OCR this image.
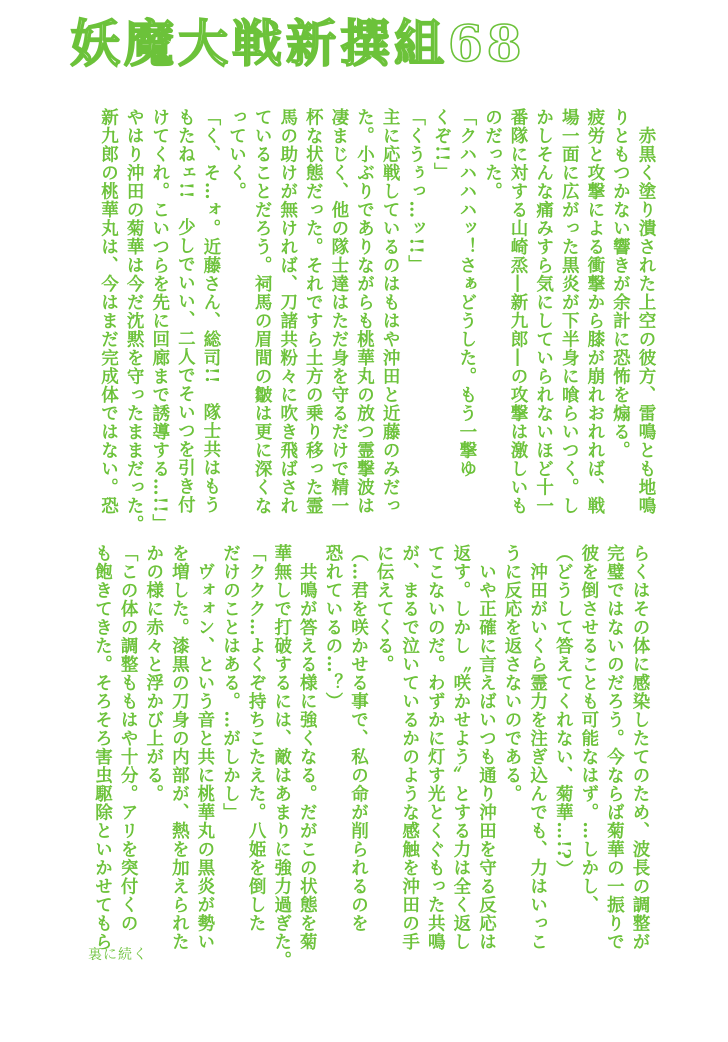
妖魔大戦新撰組68

　赤黒く塗り潰された上空の彼方、雷鳴とも地鳴

りともつかない響きが余計に恐怖を煽る。

疲労と攻撃による衝撃から膝が崩れおれれば、戦

場一面に広がった黒炎が下半身に喰らいつく。し

かしそんな痛みすら気にしていられないほど十一

番隊に対する山崎烝―新九郎―の攻撃は激しいも

のだった。

「クハハハハッ！さぁどうした。もう一撃ゆ

くぞ!!」

「くうぅっ…ッ!!」

主に応戦しているのはもはや沖田と近藤のみだっ

た。小ぶりでありながらも桃華丸の放つ霊撃波は

凄まじく、他の隊士達はただ身を守るだけで精一

杯な状態だった。それですら土方の乗り移った霊

馬の助けが無ければ、刀諸共粉々に吹き飛ばされ

ていることだろう。祠馬の眉間の皺は更に深くな

っていく。

「く、そ…ォ。近藤さん、総司!!　隊士共はもう

もたねェ!!　少しでいい、二人でそいつを引き付

けてくれ。こいつらを先に回廊まで誘導する…!!」

やはり沖田の菊華は今だ沈黙を守ったままだった。

新九郎の桃華丸は、今はまだ完成体ではない。恐

らくはその体に感染したてのため、波長の調整が

完璧ではないのだろう。今ならば菊華の一振りで

彼を倒させることも可能なはず。…しかし、

（どうして答えてくれない、菊華…!?）

　沖田がいくら霊力を注ぎ込んでも、力はいっこ

うに反応を返さないのである。

　いや正確に言えばいつも通り沖田を守る反応は

返す。しかし〝咲かせよう〟とする力は全く返し

てこないのだ。わずかに灯す光とくぐもった共鳴

が、まるで泣いているかのような感触を沖田の手

に伝えてくる。

（…君を咲かせる事で、私の命が削られるのを

恐れているの…？）

　共鳴が答える様に強くなる。だがこの状態を菊

華無しで打破するには、敵はあまりに強力過ぎた。

「ククク…よくぞ持ちこたえた。八姫を倒した

だけのことはある。…がしかし」

　ヴォォン、という音と共に桃華丸の黒炎が勢い

を増した。漆黒の刀身の内部が、熱を加えられた

かの様に赤々と浮かび上がる。

「この体の調整ももはや十分。アリを突付くの

も飽きてきた。そろそろ害虫駆除といかせてもら

裏に続く
